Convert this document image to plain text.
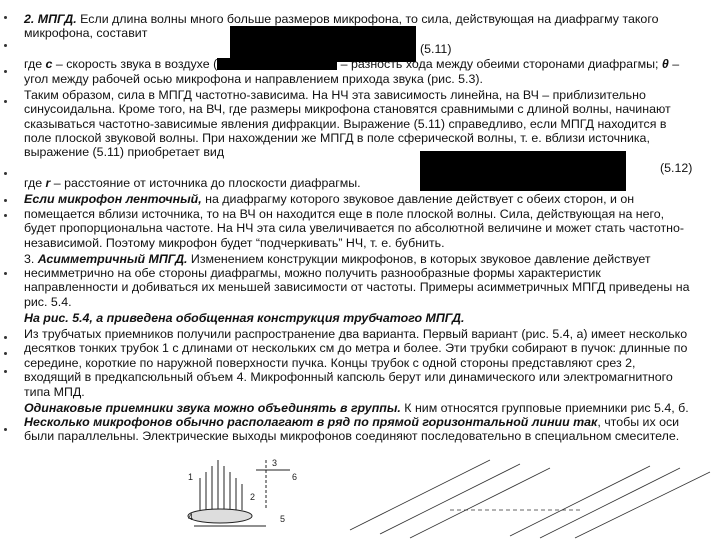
2. МПГД. Если длина волны много больше размеров микрофона, то сила, действующая на диафрагму такого микрофона, составит

(5.11)

где с – скорость звука в воздухе (	– разность хода между обеими сторонами диафрагмы; θ – угол между рабочей осью микрофона и направлением прихода звука (рис. 5.3).

Таким образом, сила в МПГД частотно-зависима. На НЧ эта зависимость линейна, на ВЧ – приблизительно синусоидальна. Кроме того, на ВЧ, где размеры микрофона становятся сравнимыми с длиной волны, начинают сказываться частотно-зависимые явления дифракции. Выражение (5.11) справедливо, если МПГД находится в поле плоской звуковой волны. При нахождении же МПГД в поле сферической волны, т. е. вблизи источника, выражение (5.11) приобретает вид

(5.12)

где r – расстояние от источника до плоскости диафрагмы.

Если микрофон ленточный, на диафрагму которого звуковое давление действует с обеих сторон, и он помещается вблизи источника, то на ВЧ он находится еще в поле плоской волны. Сила, действующая на него, будет пропорциональна частоте. На НЧ эта сила увеличивается по абсолютной величине и может стать частотно-независимой. Поэтому микрофон будет “подчеркивать” НЧ, т. е. бубнить.

3. Асимметричный МПГД. Изменением конструкции микрофонов, в которых звуковое давление действует несимметрично на обе стороны диафрагмы, можно получить разнообразные формы характеристик направленности и добиваться их меньшей зависимости от частоты. Примеры асимметричных МПГД приведены на рис. 5.4.

На рис. 5.4, а приведена обобщенная конструкция трубчатого МПГД.

Из трубчатых приемников получили распространение два варианта. Первый вариант (рис. 5.4, а) имеет несколько десятков тонких трубок 1 с длинами от нескольких см до метра и более. Эти трубки собирают в пучок: длинные по середине, короткие по наружной поверхности пучка. Концы трубок с одной стороны представляют срез 2, входящий в предкапсюльный объем 4. Микрофонный капсюль берут или динамического или электромагнитного типа МПД.

Одинаковые приемники звука можно объединять в группы. К ним относятся групповые приемники рис 5.4, б. Несколько микрофонов обычно располагают в ряд по прямой горизонтальной линии так, чтобы их оси были параллельны. Электрические выходы микрофонов соединяют последовательно в специальном смесителе.

1
2
3
4	5
6
